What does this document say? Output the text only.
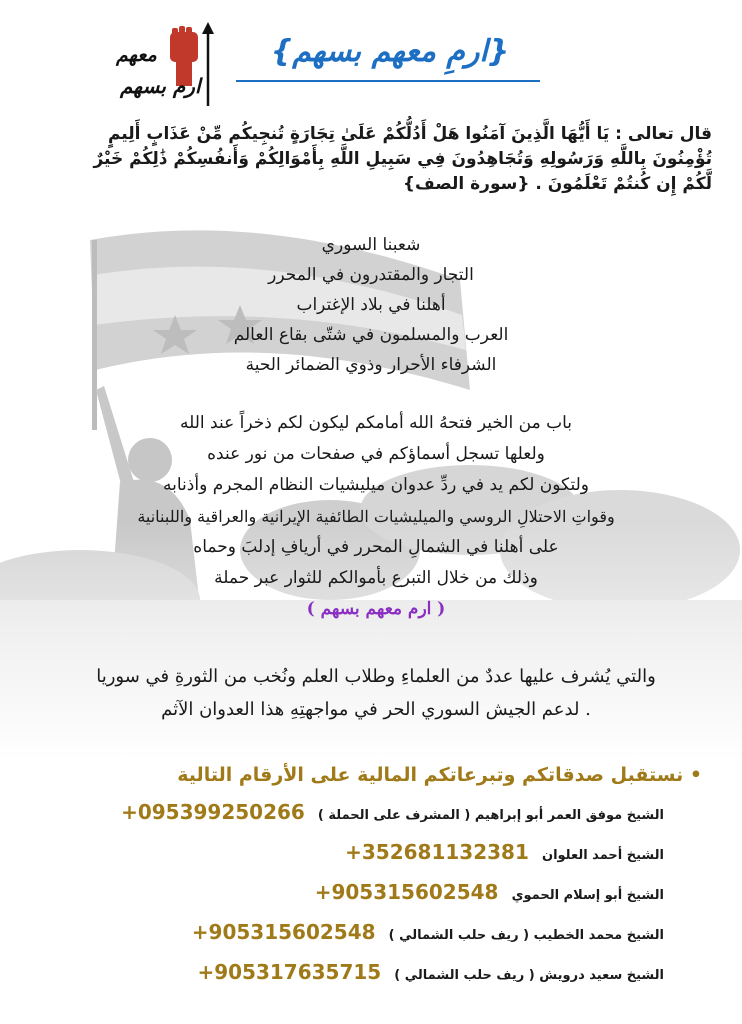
معهم
ارم بسهم
{ارمِ معهم بسهم}
قال تعالى : يَا أَيُّهَا الَّذِينَ آمَنُوا هَلْ أَدُلُّكُمْ عَلَىٰ تِجَارَةٍ تُنجِيكُم مِّنْ عَذَابٍ أَلِيمٍ تُؤْمِنُونَ بِاللَّهِ وَرَسُولِهِ وَتُجَاهِدُونَ فِي سَبِيلِ اللَّهِ بِأَمْوَالِكُمْ وَأَنفُسِكُمْ ذَٰلِكُمْ خَيْرٌ لَّكُمْ إِن كُنتُمْ تَعْلَمُونَ . {سورة الصف}
شعبنا السوري
التجار والمقتدرون في المحرر
أهلنا في بلاد الإغتراب
العرب والمسلمون في شتّى بقاع العالم
الشرفاء الأحرار وذوي الضمائر الحية
باب من الخير فتحهُ الله أمامكم ليكون لكم ذخراً عند الله
ولعلها تسجل أسماؤكم في صفحات من نور عنده
ولتكون لكم يد في ردِّ عدوان ميليشيات النظام المجرم وأذنابه
وقواتِ الاحتلالِ الروسي والميليشيات الطائفية الإيرانية والعراقية واللبنانية
على أهلنا في الشمالِ المحرر في أريافِ إدلبَ وحماه
وذلك من خلال التبرع بأموالكم للثوار عبر حملة
( ارم معهم بسهم )
والتي يُشرف عليها عددٌ من العلماءِ وطلاب العلم ونُخب من الثورةِ في سوريا
. لدعم الجيش السوري الحر في مواجهتِهِ هذا العدوان الآثم
• نستقبل صدقاتكم وتبرعاتكم المالية على الأرقام التالية
الشيخ موفق العمر أبو إبراهيم ( المشرف على الحملة ) +095399250266
الشيخ أحمد العلوان +352681132381
الشيخ أبو إسلام الحموي +905315602548
الشيخ محمد الخطيب ( ريف حلب الشمالي ) +905315602548
الشيخ سعيد درويش ( ريف حلب الشمالي ) +905317635715
